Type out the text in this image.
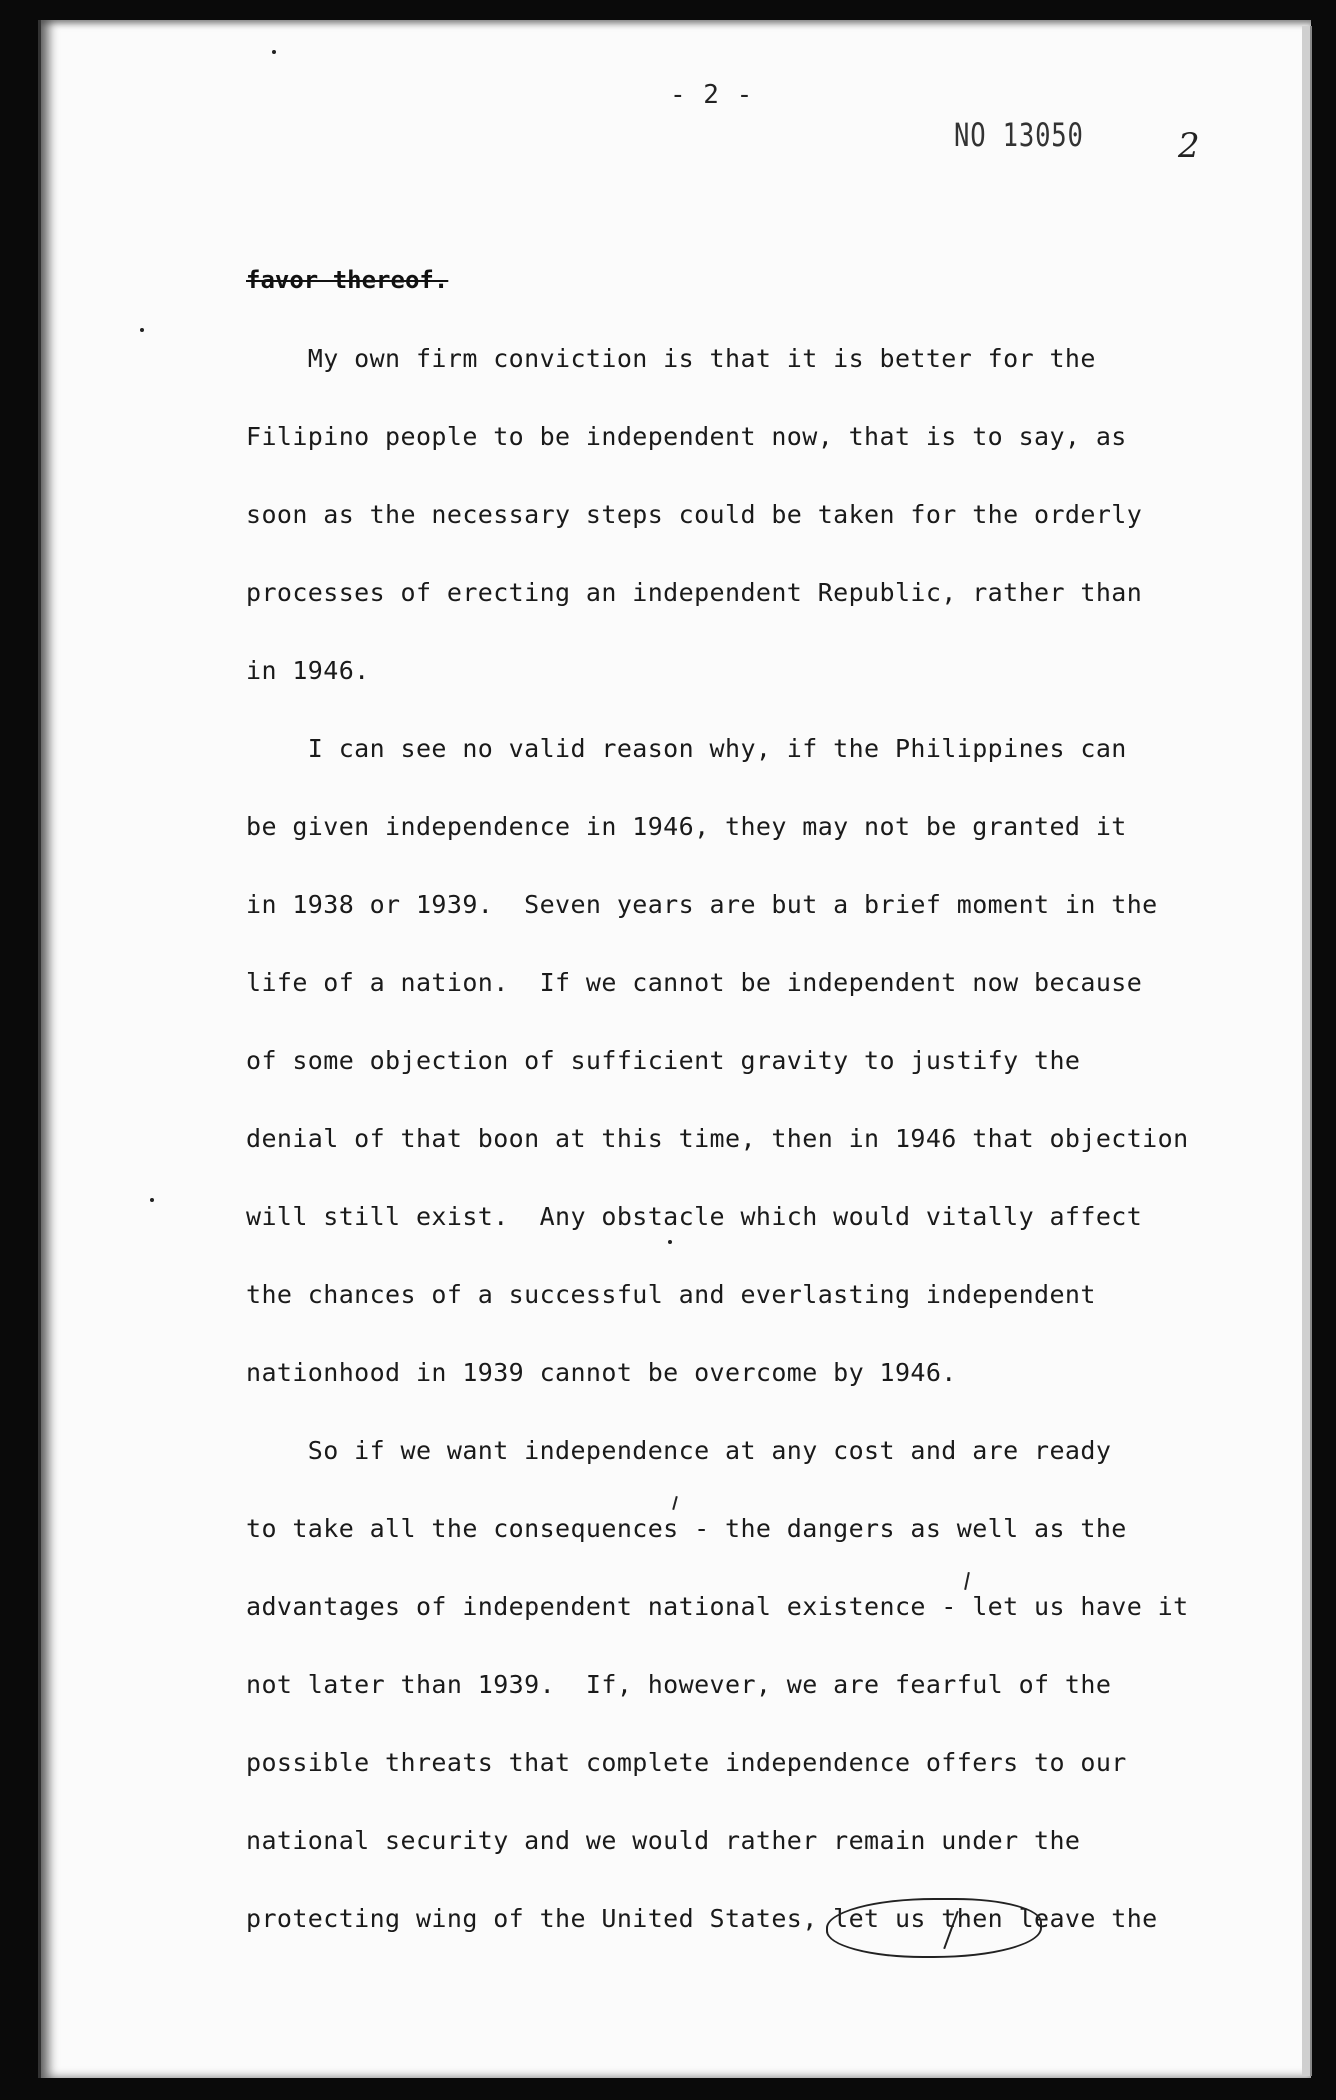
- 2 -
NO 13050	2
favor thereof.
My own firm conviction is that it is better for the
Filipino people to be independent now, that is to say, as
soon as the necessary steps could be taken for the orderly
processes of erecting an independent Republic, rather than
in 1946.
I can see no valid reason why, if the Philippines can
be given independence in 1946, they may not be granted it
in 1938 or 1939.  Seven years are but a brief moment in the
life of a nation.  If we cannot be independent now because
of some objection of sufficient gravity to justify the
denial of that boon at this time, then in 1946 that objection
will still exist.  Any obstacle which would vitally affect
the chances of a successful and everlasting independent
nationhood in 1939 cannot be overcome by 1946.
So if we want independence at any cost and are ready
to take all the consequences - the dangers as well as the
advantages of independent national existence - let us have it
not later than 1939.  If, however, we are fearful of the
possible threats that complete independence offers to our
national security and we would rather remain under the
protecting wing of the United States, let us then leave the
